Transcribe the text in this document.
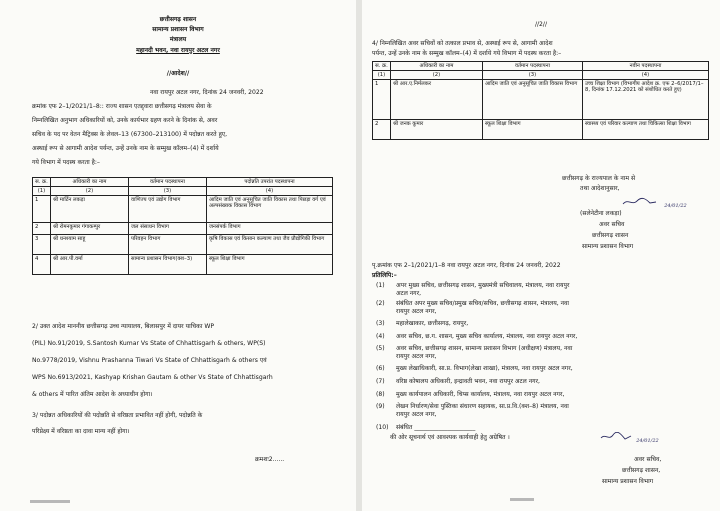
छत्तीसगढ़ शासन
सामान्य प्रशासन विभाग
मंत्रालय
महानदी भवन, नवा रायपुर अटल नगर
//आदेश//
नवा रायपुर अटल नगर, दिनांक 24 जनवरी, 2022
क्रमांक एफ 2–1/2021/1–8:: राज्य शासन एतद्द्वारा छत्तीसगढ़ मंत्रालय सेवा के
निम्नलिखित अनुभाग अधिकारियों को, उनके कार्यभार ग्रहण करने के दिनांक से, अवर
सचिव के पद पर वेतन मैट्रिक्स के लेवल–13 (67300–213100) में पदोन्नत करते हुए,
अस्थाई रूप से आगामी आदेश पर्यन्त, उन्हें उनके नाम के सम्मुख कॉलम–(4) में दर्शाये
गये विभाग में पदस्थ करता है:–
स. क्र.	अधिकारी का नाम	वर्तमान पदस्थापना	पदोन्नति उपरांत पदस्थापना
(1)	(2)	(3)	(4)
1	श्री मार्टिन लकड़ा	वाणिज्य एवं उद्योग विभाग	आदिम जाति एवं अनुसूचित जाति विकास तथा पिछड़ा वर्ग एवं अल्पसंख्यक विकास विभाग
2	श्री रोमनकुमार गंगाकम्पुर	जल संसाधन विभाग	जनसंपर्क विभाग
3	श्री धनश्याम साहू	परिवहन विभाग	कृषि विकास एवं किसान कल्याण तथा जैव प्रौद्योगिकी विभाग
4	श्री आर.पी.वर्मा	सामान्य प्रशासन विभाग(क्श–3)	स्कूल शिक्षा विभाग
2/ उक्त आदेश माननीय छत्तीसगढ़ उच्च न्यायालय, बिलासपुर में दायर याचिका WP
(PIL) No.91/2019, S.Santosh Kumar Vs State of Chhattisgarh & others, WP(S)
No.9778/2019, Vishnu Prashanna Tiwari Vs State of Chhattisgarh & others एवं
WPS No.6913/2021, Kashyap Krishan Gautam & other Vs State of Chhattisgarh
& others में पारित अंतिम आदेश के अध्याधीन होगा।
3/ पदोन्नत अधिकारियों की पदोन्नति से वरिष्ठता प्रभावित नहीं होगी, पदोन्नति के
परिप्रेक्ष्य में वरिष्ठता का दावा मान्य नहीं होगा।
क्रमशः2......
//2//
4/ निम्नलिखित अवर सचिवों को तत्काल प्रभाव से, अस्थाई रूप से, आगामी आदेश
पर्यन्त, उन्हें उनके नाम के सम्मुख कॉलम–(4) में दर्शाये गये विभाग में पदस्थ करता है:–
स. क्र.	अधिकारी का नाम	वर्तमान पदस्थापना	नवीन पदस्थापना
(1)	(2)	(3)	(4)
1	श्री आर.ए.निर्मलकर	आदिम जाति एवं अनुसूचित जाति विकास विभाग	उच्च शिक्षा विभाग (विभागीय आदेश क्र. एफ 2–6/2017/1–8, दिनांक 17.12.2021 को संशोधित करते हुए)
2	श्री जनक कुमार	स्कूल शिक्षा विभाग	स्वास्थ्य एवं परिवार कल्याण तथा चिकित्सा शिक्षा विभाग
छत्तीसगढ़ के राज्यपाल के नाम से
तथा आदेशानुसार,
24/01/22
(सलेनेटीना लकड़ा)
अवर सचिव
छत्तीसगढ़ शासन
सामान्य प्रशासन विभाग
पृ.क्रमांक एफ 2–1/2021/1–8 नवा रायपुर अटल नगर, दिनांक 24 जनवरी, 2022
प्रतिलिपि:–
(1) अपर मुख्य सचिव, छत्तीसगढ़ शासन, मुख्यमंत्री सचिवालय, मंत्रालय, नवा रायपुर
अटल नगर,
(2) संबंधित अपर मुख्य सचिव/प्रमुख सचिव/सचिव, छत्तीसगढ़ शासन, मंत्रालय, नवा
रायपुर अटल नगर,
(3) महालेखाकार, छत्तीसगढ़, रायपुर,
(4) अवर सचिव, छ.ग. शासन, मुख्य सचिव कार्यालय, मंत्रालय, नवा रायपुर अटल नगर,
(5) अवर सचिव, छत्तीसगढ़ शासन, सामान्य प्रशासन विभाग (अधीक्षण) मंत्रालय, नवा
रायपुर अटल नगर,
(6) मुख्य लेखाधिकारी, सा.प्र. विभाग(लेखा शाखा), मंत्रालय, नवा रायपुर अटल नगर,
(7) वरिष्ठ कोषालय अधिकारी, इन्द्रावती भवन, नवा रायपुर अटल नगर,
(8) मुख्य कार्यपालन अधिकारी, चिप्स कार्यालय, मंत्रालय, नवा रायपुर अटल नगर,
(9) लेखन निर्धारण/सेवा पुस्तिका संधारण सहायक, सा.प्र.वि.(क्श–8) मंत्रालय, नवा
रायपुर अटल नगर,
(10) संबंधित ____________________
की ओर सूचनार्थ एवं आवश्यक कार्यवाही हेतु अग्रेषित ।	24/01/22
अवर सचिव,
छत्तीसगढ़ शासन,
सामान्य प्रशासन विभाग
